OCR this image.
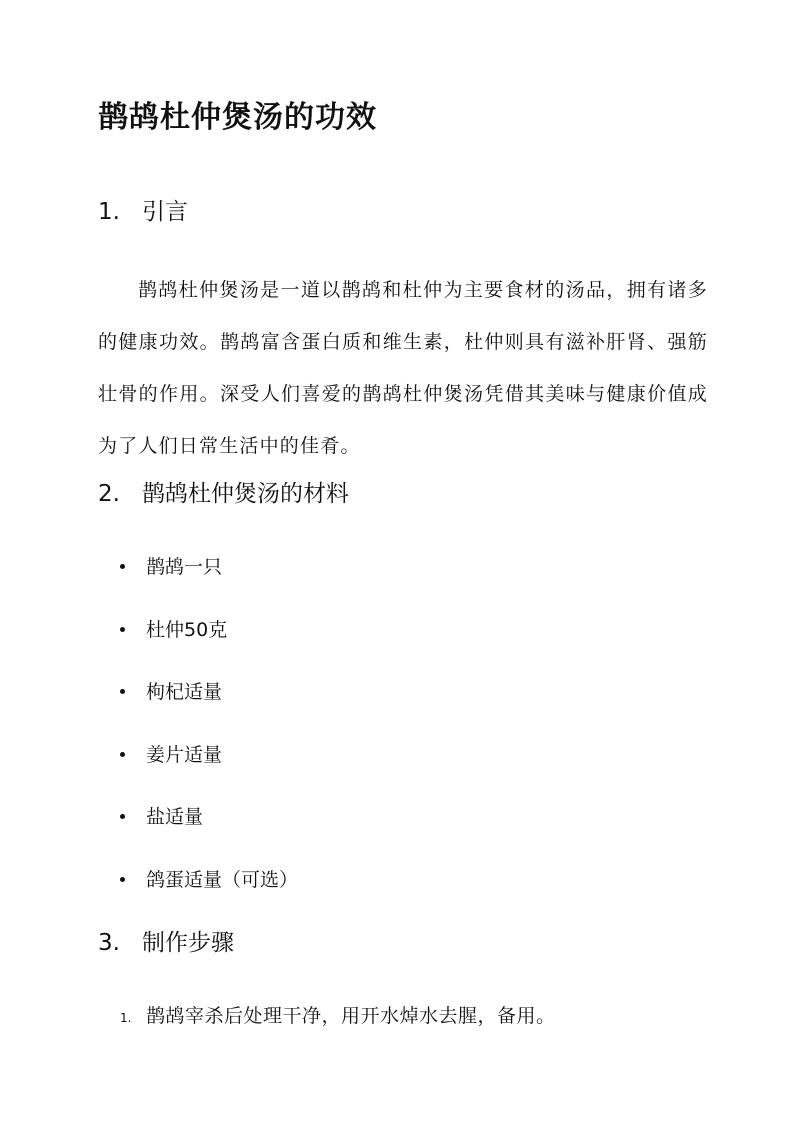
鹊鸪杜仲煲汤的功效
1. 引言

鹊鸪杜仲煲汤是一道以鹊鸪和杜仲为主要食材的汤品，拥有诸多的健康功效。鹊鸪富含蛋白质和维生素，杜仲则具有滋补肝肾、强筋壮骨的作用。深受人们喜爱的鹊鸪杜仲煲汤凭借其美味与健康价值成为了人们日常生活中的佳肴。

2. 鹊鸪杜仲煲汤的材料
鹊鸪一只
杜仲50克
枸杞适量
姜片适量
盐适量
鸽蛋适量（可选）
3. 制作步骤
1. 鹊鸪宰杀后处理干净，用开水焯水去腥，备用。
